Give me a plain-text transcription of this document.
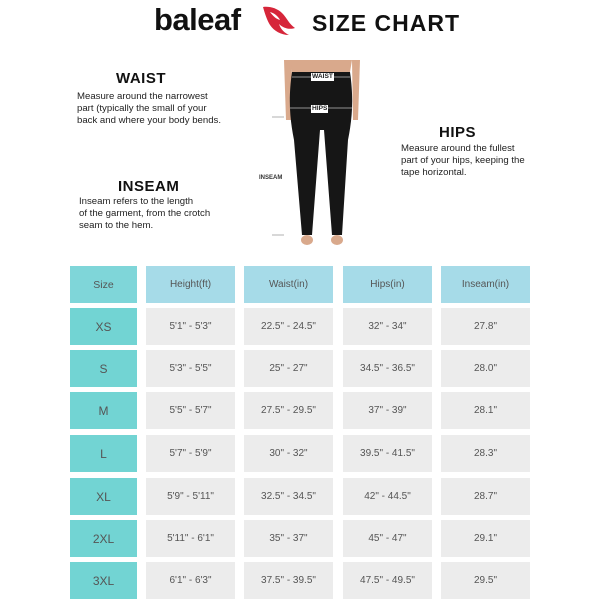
baleaf	SIZE CHART
WAIST
Measure around the narrowest
part (typically the small of your
back and where your body bends.
INSEAM
Inseam refers to the length
of the garment, from the crotch
seam to the hem.
HIPS
Measure around the fullest
part of your hips, keeping the
tape horizontal.
WAIST
HIPS
INSEAM
Size	Height(ft)	Waist(in)	Hips(in)	Inseam(in)
XS	5'1" - 5'3"	22.5" - 24.5"	32" - 34"	27.8"
S	5'3" - 5'5"	25" - 27"	34.5" - 36.5"	28.0"
M	5'5" - 5'7"	27.5" - 29.5"	37" - 39"	28.1"
L	5'7" - 5'9"	30" - 32"	39.5" - 41.5"	28.3"
XL	5'9" - 5'11"	32.5" - 34.5"	42" - 44.5"	28.7"
2XL	5'11" - 6'1"	35" - 37"	45" - 47"	29.1"
3XL	6'1" - 6'3"	37.5" - 39.5"	47.5" - 49.5"	29.5"
